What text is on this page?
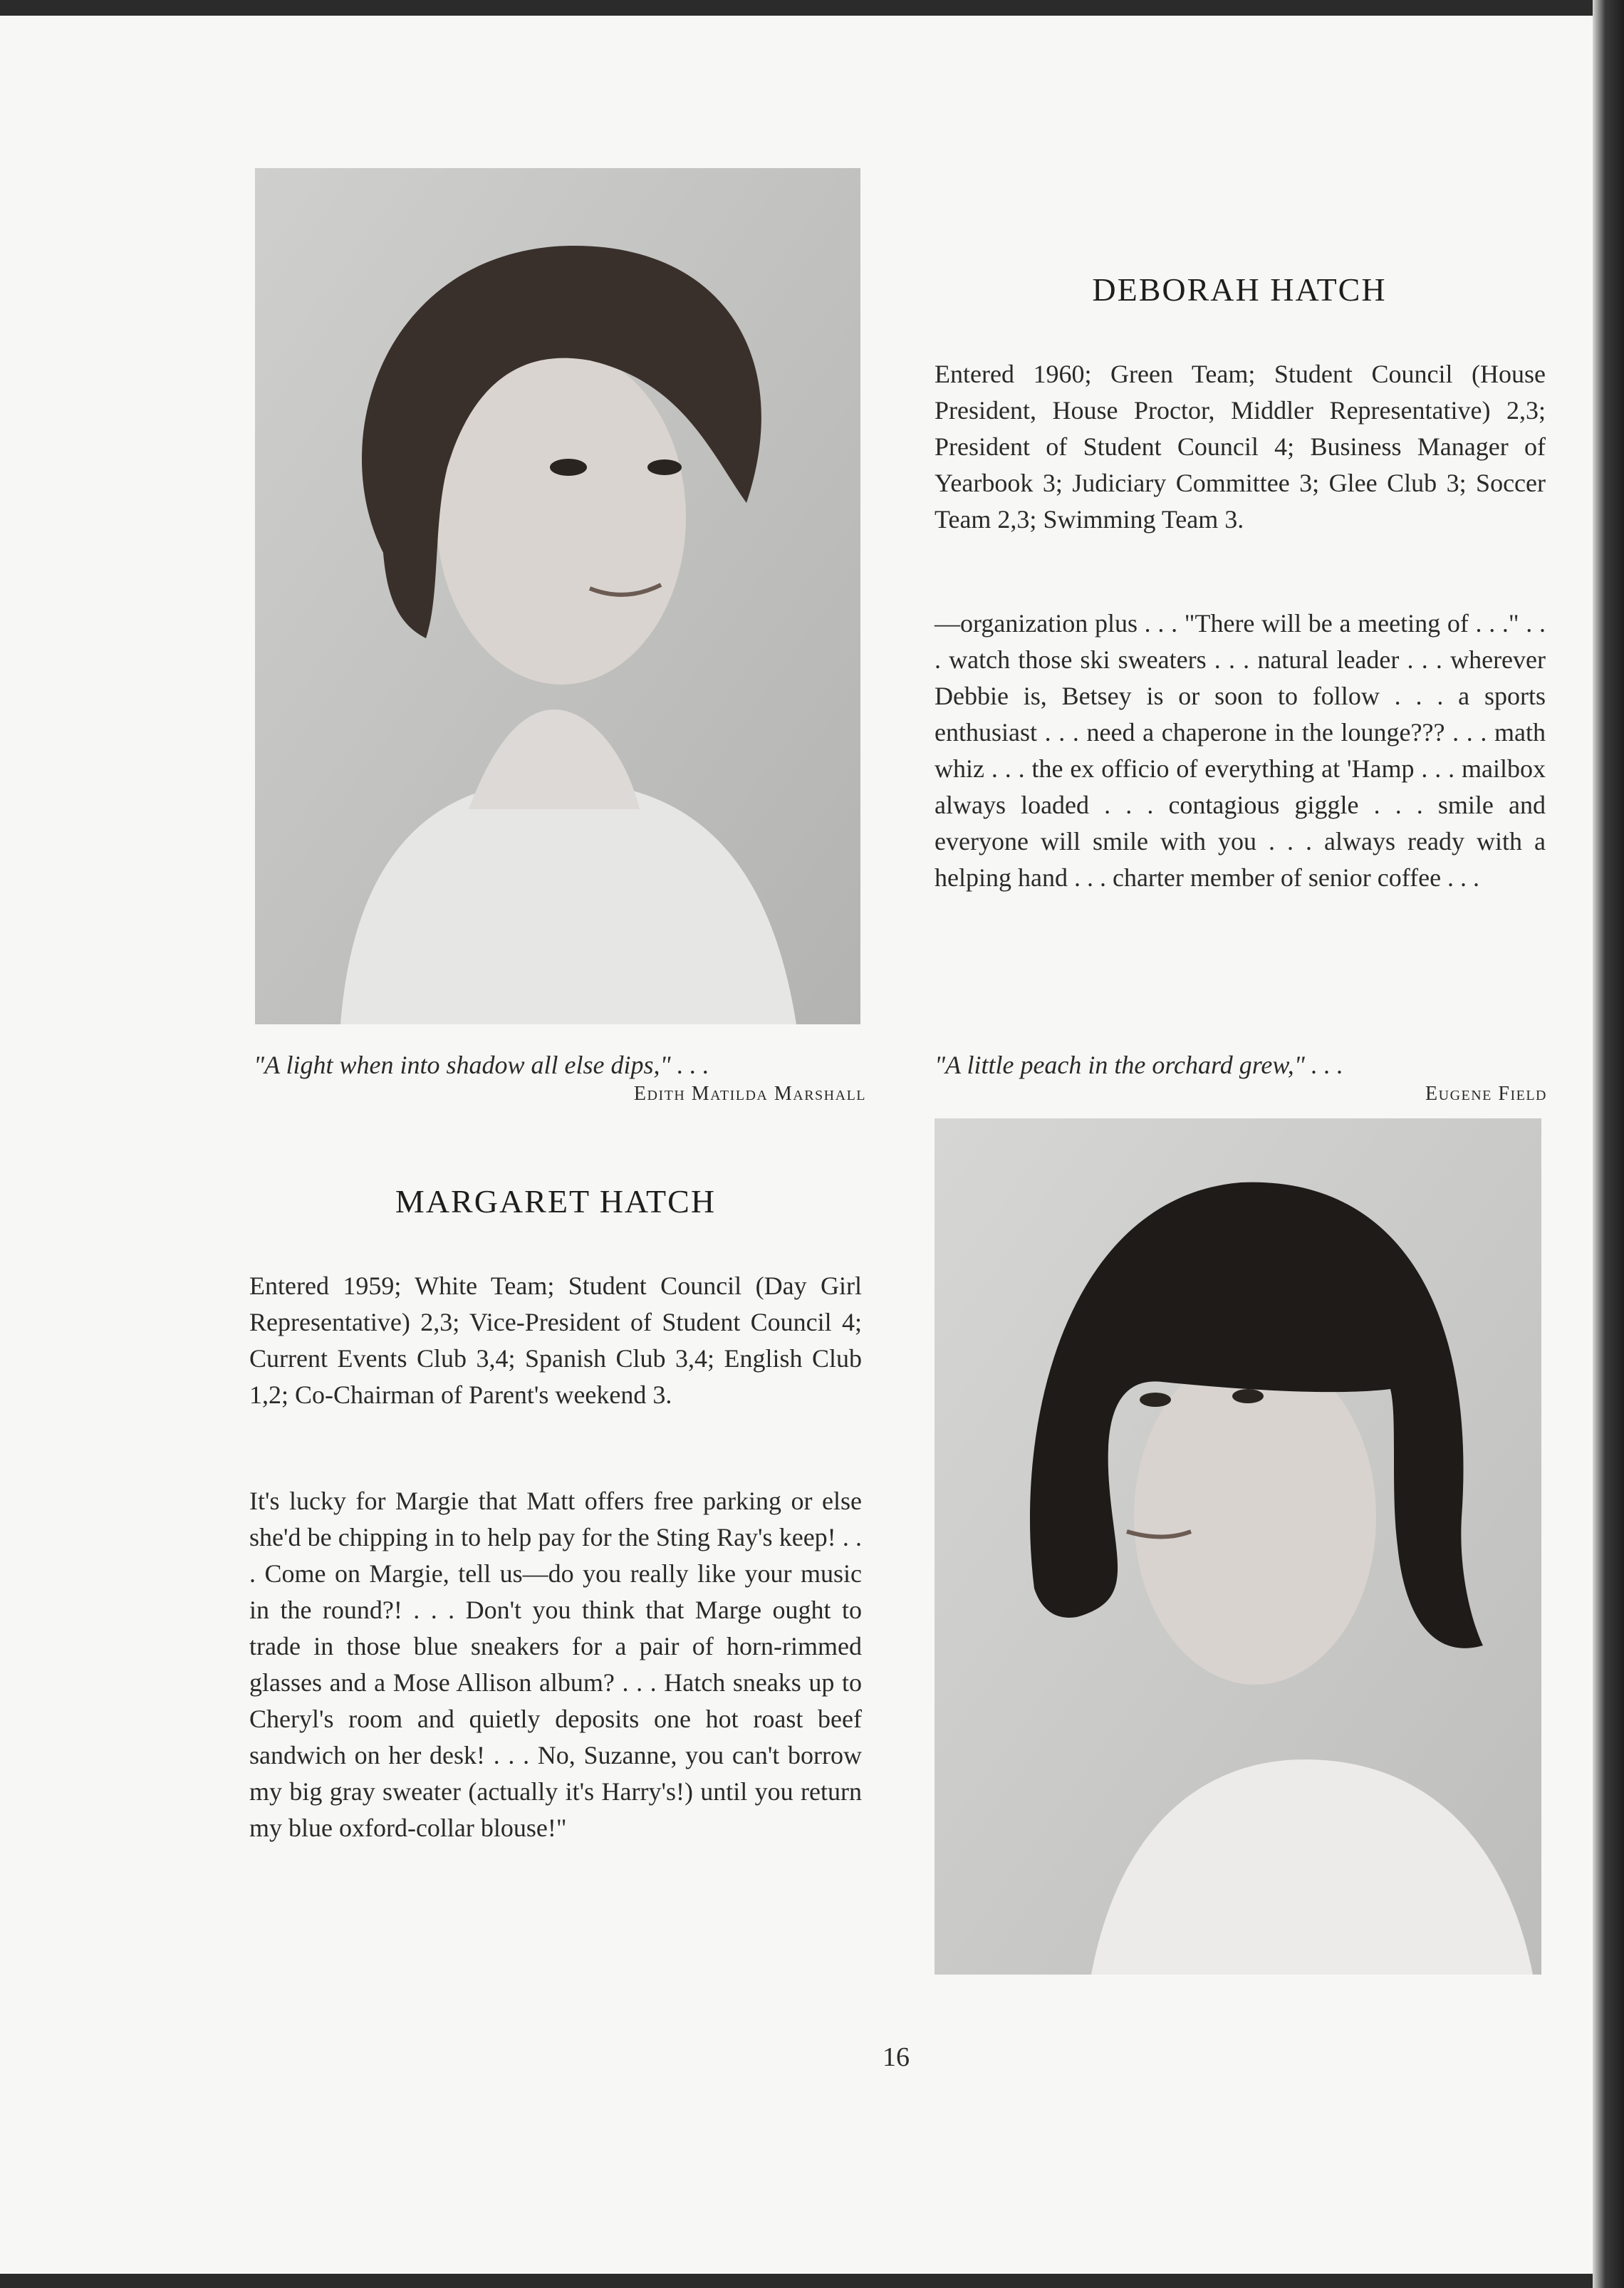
DEBORAH HATCH

Entered 1960; Green Team; Student Council (House President, House Proctor, Middler Representative) 2,3; President of Student Council 4; Business Manager of Yearbook 3; Judiciary Committee 3; Glee Club 3; Soccer Team 2,3; Swimming Team 3.

—organization plus . . . "There will be a meeting of . . ." . . . watch those ski sweaters . . . natural leader . . . wherever Debbie is, Betsey is or soon to follow . . . a sports enthusiast . . . need a chaperone in the lounge??? . . . math whiz . . . the ex officio of everything at 'Hamp . . . mailbox always loaded . . . contagious giggle . . . smile and everyone will smile with you . . . always ready with a helping hand . . . charter member of senior coffee . . .

"A light when into shadow all else dips," . . .

Edith Matilda Marshall

"A little peach in the orchard grew," . . .

Eugene Field

MARGARET HATCH

Entered 1959; White Team; Student Council (Day Girl Representative) 2,3; Vice-President of Student Council 4; Current Events Club 3,4; Spanish Club 3,4; English Club 1,2; Co-Chairman of Parent's weekend 3.

It's lucky for Margie that Matt offers free parking or else she'd be chipping in to help pay for the Sting Ray's keep! . . . Come on Margie, tell us—do you really like your music in the round?! . . . Don't you think that Marge ought to trade in those blue sneakers for a pair of horn-rimmed glasses and a Mose Allison album? . . . Hatch sneaks up to Cheryl's room and quietly deposits one hot roast beef sandwich on her desk! . . . No, Suzanne, you can't borrow my big gray sweater (actually it's Harry's!) until you return my blue oxford-collar blouse!"

16
